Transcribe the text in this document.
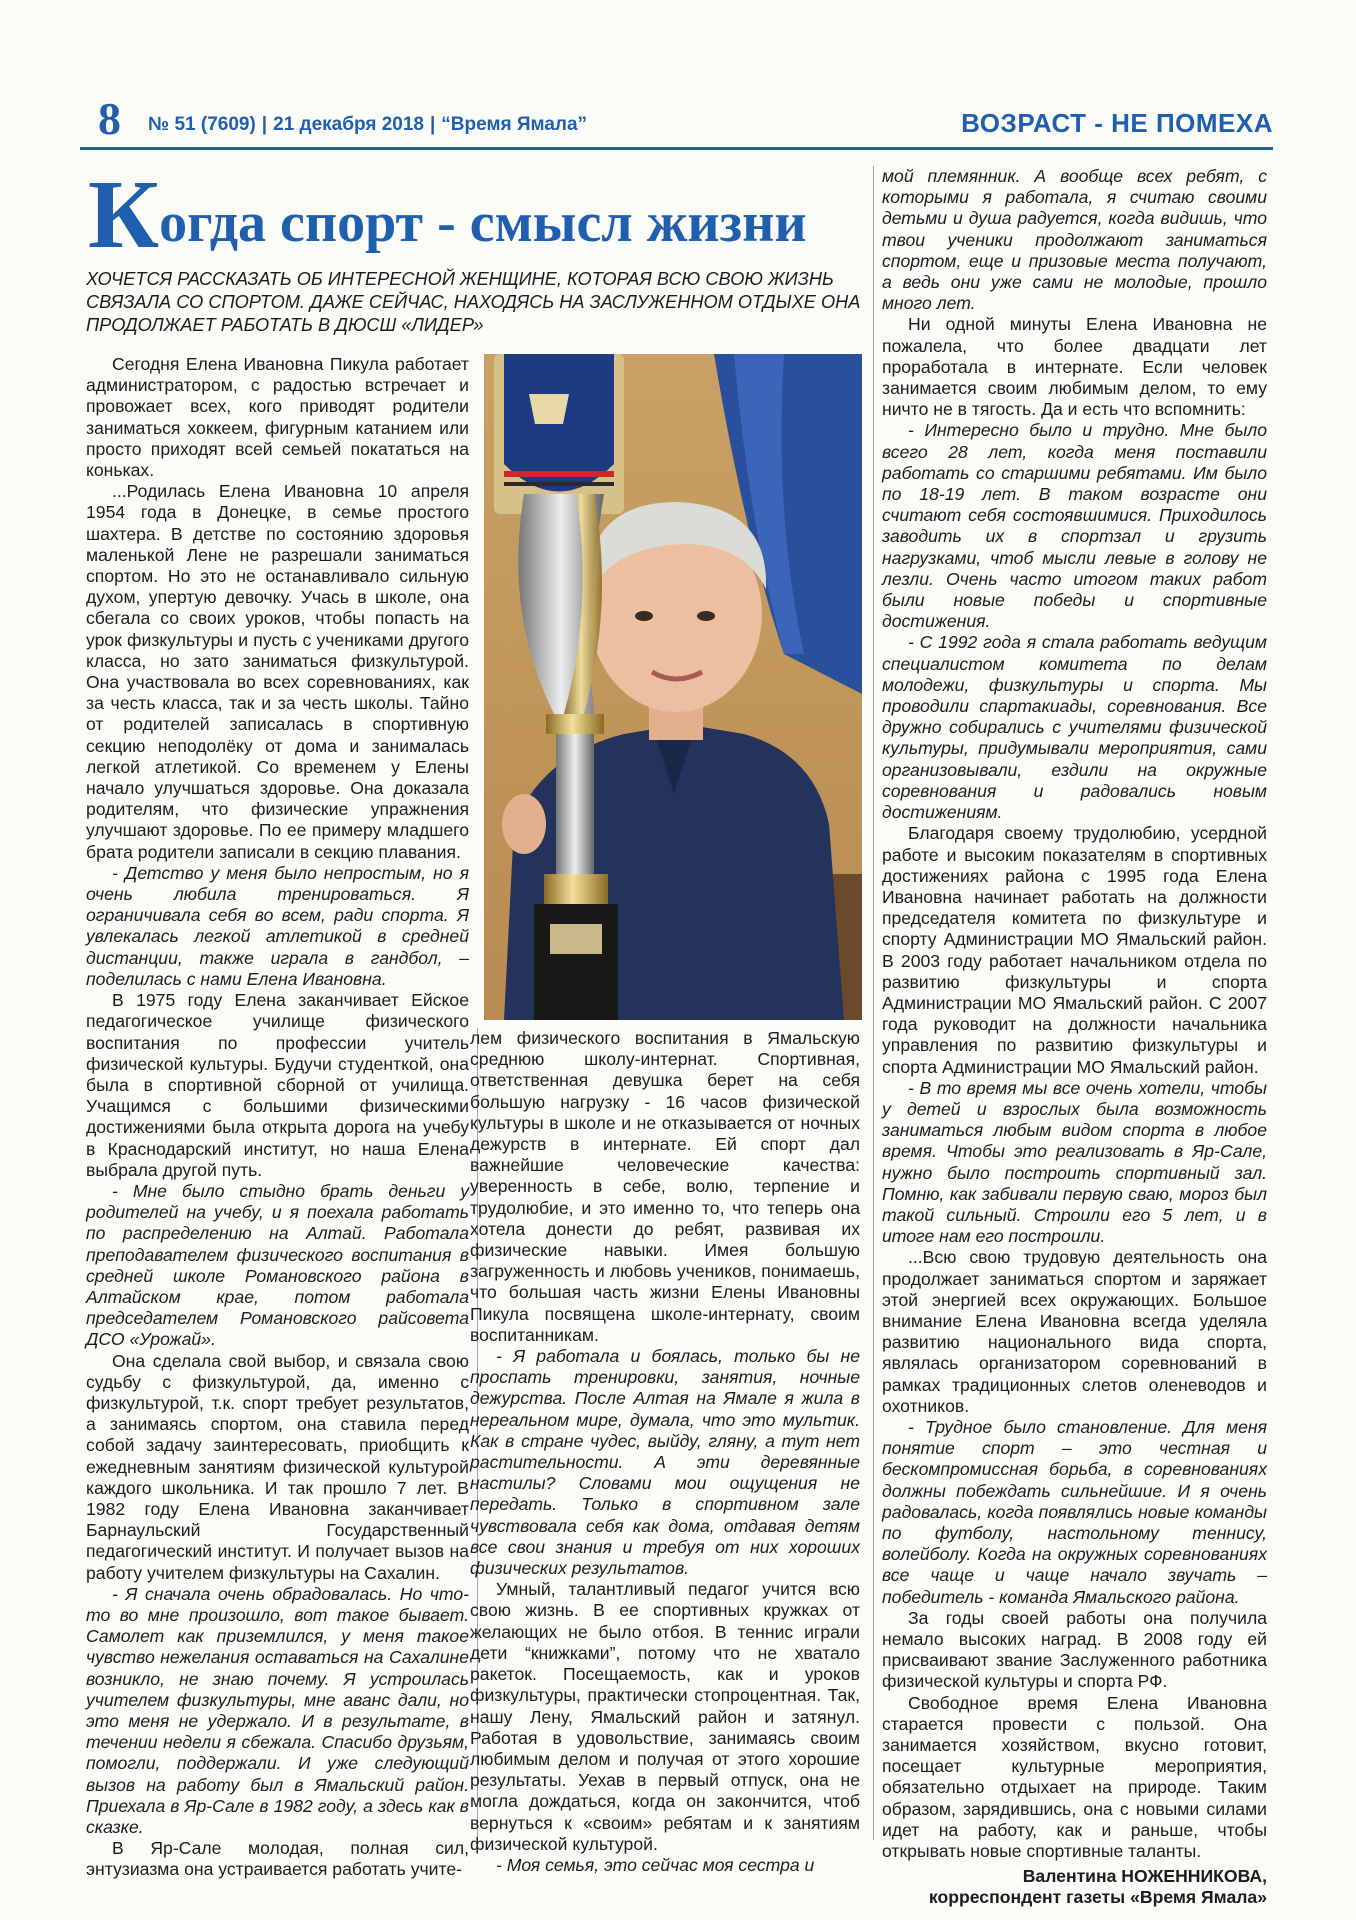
8 № 51 (7609) | 21 декабря 2018 | “Время Ямала”	ВОЗРАСТ - НЕ ПОМЕХА
Когда спорт - смысл жизни
ХОЧЕТСЯ РАССКАЗАТЬ ОБ ИНТЕРЕСНОЙ ЖЕНЩИНЕ, КОТОРАЯ ВСЮ СВОЮ ЖИЗНЬ СВЯЗАЛА СО СПОРТОМ. ДАЖЕ СЕЙЧАС, НАХОДЯСЬ НА ЗАСЛУЖЕННОМ ОТДЫХЕ ОНА ПРОДОЛЖАЕТ РАБОТАТЬ В ДЮСШ «ЛИДЕР»

Сегодня Елена Ивановна Пикула работает администратором, с радостью встречает и провожает всех, кого приводят родители заниматься хоккеем, фигурным катанием или просто приходят всей семьей покататься на коньках.

...Родилась Елена Ивановна 10 апреля 1954 года в Донецке, в семье простого шахтера. В детстве по состоянию здоровья маленькой Лене не разрешали заниматься спортом. Но это не останавливало сильную духом, упертую девочку. Учась в школе, она сбегала со своих уроков, чтобы попасть на урок физкультуры и пусть с учениками другого класса, но зато заниматься физкультурой. Она участвовала во всех соревнованиях, как за честь класса, так и за честь школы. Тайно от родителей записалась в спортивную секцию неподолёку от дома и занималась легкой атлетикой. Со временем у Елены начало улучшаться здоровье. Она доказала родителям, что физические упражнения улучшают здоровье. По ее примеру младшего брата родители записали в секцию плавания.

- Детство у меня было непростым, но я очень любила тренироваться. Я ограничивала себя во всем, ради спорта. Я увлекалась легкой атлетикой в средней дистанции, также играла в гандбол, – поделилась с нами Елена Ивановна.

В 1975 году Елена заканчивает Ейское педагогическое училище физического воспитания по профессии учитель физической культуры. Будучи студенткой, она была в спортивной сборной от училища. Учащимся с большими физическими достижениями была открыта дорога на учебу в Краснодарский институт, но наша Елена выбрала другой путь.

- Мне было стыдно брать деньги у родителей на учебу, и я поехала работать по распределению на Алтай. Работала преподавателем физического воспитания в средней школе Романовского района в Алтайском крае, потом работала председателем Романовского райсовета ДСО «Урожай».

Она сделала свой выбор, и связала свою судьбу с физкультурой, да, именно с физкультурой, т.к. спорт требует результатов, а занимаясь спортом, она ставила перед собой задачу заинтересовать, приобщить к ежедневным занятиям физической культурой каждого школьника. И так прошло 7 лет. В 1982 году Елена Ивановна заканчивает Барнаульский Государственный педагогический институт. И получает вызов на работу учителем физкультуры на Сахалин.

- Я сначала очень обрадовалась. Но что-то во мне произошло, вот такое бывает. Самолет как приземлился, у меня такое чувство нежелания оставаться на Сахалине возникло, не знаю почему. Я устроилась учителем физкультуры, мне аванс дали, но это меня не удержало. И в результате, в течении недели я сбежала. Спасибо друзьям, помогли, поддержали. И уже следующий вызов на работу был в Ямальский район. Приехала в Яр-Сале в 1982 году, а здесь как в сказке.

В Яр-Сале молодая, полная сил, энтузиазма она устраивается работать учите-

лем физического воспитания в Ямальскую среднюю школу-интернат. Спортивная, ответственная девушка берет на себя большую нагрузку - 16 часов физической культуры в школе и не отказывается от ночных дежурств в интернате. Ей спорт дал важнейшие человеческие качества: уверенность в себе, волю, терпение и трудолюбие, и это именно то, что теперь она хотела донести до ребят, развивая их физические навыки. Имея большую загруженность и любовь учеников, понимаешь, что большая часть жизни Елены Ивановны Пикула посвящена школе-интернату, своим воспитанникам.

- Я работала и боялась, только бы не проспать тренировки, занятия, ночные дежурства. После Алтая на Ямале я жила в нереальном мире, думала, что это мультик. Как в стране чудес, выйду, гляну, а тут нет растительности. А эти деревянные настилы? Словами мои ощущения не передать. Только в спортивном зале чувствовала себя как дома, отдавая детям все свои знания и требуя от них хороших физических результатов.

Умный, талантливый педагог учится всю свою жизнь. В ее спортивных кружках от желающих не было отбоя. В теннис играли дети “книжками”, потому что не хватало ракеток. Посещаемость, как и уроков физкультуры, практически стопроцентная. Так, нашу Лену, Ямальский район и затянул. Работая в удовольствие, занимаясь своим любимым делом и получая от этого хорошие результаты. Уехав в первый отпуск, она не могла дождаться, когда он закончится, чтоб вернуться к «своим» ребятам и к занятиям физической культурой.

- Моя семья, это сейчас моя сестра и

мой племянник. А вообще всех ребят, с которыми я работала, я считаю своими детьми и душа радуется, когда видишь, что твои ученики продолжают заниматься спортом, еще и призовые места получают, а ведь они уже сами не молодые, прошло много лет.

Ни одной минуты Елена Ивановна не пожалела, что более двадцати лет проработала в интернате. Если человек занимается своим любимым делом, то ему ничто не в тягость. Да и есть что вспомнить:

- Интересно было и трудно. Мне было всего 28 лет, когда меня поставили работать со старшими ребятами. Им было по 18-19 лет. В таком возрасте они считают себя состоявшимися. Приходилось заводить их в спортзал и грузить нагрузками, чтоб мысли левые в голову не лезли. Очень часто итогом таких работ были новые победы и спортивные достижения.

- С 1992 года я стала работать ведущим специалистом комитета по делам молодежи, физкультуры и спорта. Мы проводили спартакиады, соревнования. Все дружно собирались с учителями физической культуры, придумывали мероприятия, сами организовывали, ездили на окружные соревнования и радовались новым достижениям.

Благодаря своему трудолюбию, усердной работе и высоким показателям в спортивных достижениях района с 1995 года Елена Ивановна начинает работать на должности председателя комитета по физкультуре и спорту Администрации МО Ямальский район. В 2003 году работает начальником отдела по развитию физкультуры и спорта Администрации МО Ямальский район. С 2007 года руководит на должности начальника управления по развитию физкультуры и спорта Администрации МО Ямальский район.

- В то время мы все очень хотели, чтобы у детей и взрослых была возможность заниматься любым видом спорта в любое время. Чтобы это реализовать в Яр-Сале, нужно было построить спортивный зал. Помню, как забивали первую сваю, мороз был такой сильный. Строили его 5 лет, и в итоге нам его построили.

...Всю свою трудовую деятельность она продолжает заниматься спортом и заряжает этой энергией всех окружающих. Большое внимание Елена Ивановна всегда уделяла развитию национального вида спорта, являлась организатором соревнований в рамках традиционных слетов оленеводов и охотников.

- Трудное было становление. Для меня понятие спорт – это честная и бескомпромиссная борьба, в соревнованиях должны побеждать сильнейшие. И я очень радовалась, когда появлялись новые команды по футболу, настольному теннису, волейболу. Когда на окружных соревнованиях все чаще и чаще начало звучать – победитель - команда Ямальского района.

За годы своей работы она получила немало высоких наград. В 2008 году ей присваивают звание Заслуженного работника физической культуры и спорта РФ.

Свободное время Елена Ивановна старается провести с пользой. Она занимается хозяйством, вкусно готовит, посещает культурные мероприятия, обязательно отдыхает на природе. Таким образом, зарядившись, она с новыми силами идет на работу, как и раньше, чтобы открывать новые спортивные таланты.

Валентина НОЖЕННИКОВА,

корреспондент газеты «Время Ямала»
